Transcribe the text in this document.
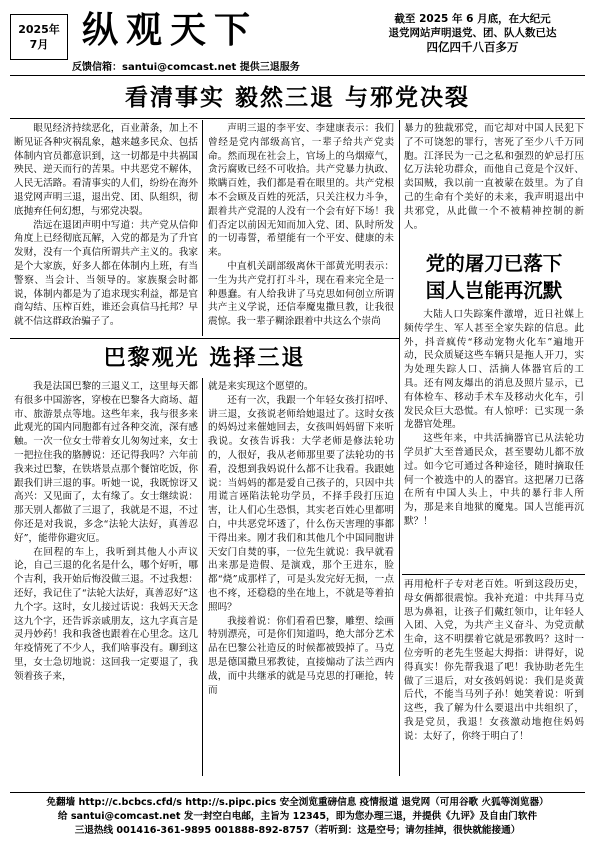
2025年
7月 纵观天下
反馈信箱：santui@comcast.net 提供三退服务
截至 2025 年 6 月底，在大纪元
退党网站声明退党、团、队人数已达
四亿四千八百多万
看清事实 毅然三退 与邪党决裂

眼见经济持续恶化，百业萧条，加上不断见证各种灾祸乱象，越来越多民众、包括体制内官员都意识到，这一切都是中共祸国殃民、逆天而行的苦果。中共恶党不解体，人民无活路。看清事实的人们，纷纷在海外退党网声明三退，退出党、团、队组织，彻底抛弃任何幻想，与邪党决裂。

浩远在退团声明中写道：共产党从信仰角度上已经彻底瓦解，入党的都是为了升官发财，没有一个真信所谓共产主义的。我家是个大家族，好多人都在体制内上班，有当警察、当会计、当领导的。家族聚会时都说，体制内都是为了追求现实利益，都是官商勾结、压榨百姓，谁还会真信马托邦？早就不信这群政治骗子了。

声明三退的李平安、李建康表示：我们曾经是党内部级高官，一辈子给共产党卖命。然而现在社会上，官场上的乌烟瘴气，贪污腐败已经不可收拾。共产党暴力执政、欺瞒百姓，我们都是看在眼里的。共产党根本不会顾及百姓的死活，只关注权力斗争，跟着共产党混的人没有一个会有好下场！我们否定以前因无知而加入党、团、队时所发的一切毒誓，希望能有一个平安、健康的未来。

中直机关副部级离休干部黄光明表示：一生为共产党打打斗斗，现在看来完全是一种愚蠢。有人给我讲了马克思如何创立所谓共产主义学说，还信奉魔鬼撒旦教，让我很震惊。我一辈子糊涂跟着中共这么个崇尚

暴力的独裁邪党，而它却对中国人民犯下了不可饶恕的罪行，害死了至少八千万同胞。江泽民为一己之私和强烈的妒忌打压亿万法轮功群众，而他自己竟是个汉奸、卖国贼，我以前一直被蒙在鼓里。为了自己的生命有个美好的未来，我声明退出中共邪党，从此做一个不被精神控制的新人。

党的屠刀已落下
国人岂能再沉默

大陆人口失踪案件激增，近日社媒上频传学生、军人甚至全家失踪的信息。此外，抖音疯传“移动宠物火化车”遍地开动，民众质疑这些车辆只是拖人开刀，实为处理失踪人口、活摘人体器官后的工具。还有网友爆出的消息及照片显示，已有体检车、移动手术车及移动火化车，引发民众巨大恐慌。有人惊呼：已实现一条龙器官处理。

这些年来，中共活摘器官已从法轮功学员扩大至普通民众，甚至婴幼儿都不放过。如今它可通过各种途径，随时摘取任何一个被选中的人的器官。这把屠刀已落在所有中国人头上，中共的暴行非人所为，那是来自地狱的魔鬼。国人岂能再沉默？！

巴黎观光 选择三退

我是法国巴黎的三退义工，这里每天都有很多中国游客，穿梭在巴黎各大商场、超市、旅游景点等地。这些年来，我与很多来此观光的国内同胞都有过各种交流，深有感触。一次一位女士带着女儿匆匆过来，女士一把拉住我的胳膊说：还记得我吗？六年前我来过巴黎，在铁塔景点那个餐馆吃饭，你跟我们讲三退的事。听她一说，我既惊讶又高兴：又见面了，太有缘了。女士继续说：那天别人都做了三退了，我就是不退，不过你还是对我说，多念“法轮大法好，真善忍好”，能带你避灾厄。

在回程的车上，我听到其他人小声议论，自己三退的化名是什么，哪个好听，哪个吉利，我开始后悔没做三退。不过我想：还好，我记住了“法轮大法好，真善忍好”这九个字。这时，女儿接过话说：我妈天天念这九个字，还告诉亲戚朋友，这九字真言是灵丹妙药！我和我爸也跟着在心里念。这几年疫情死了不少人，我们啥事没有。聊到这里，女士急切地说：这回我一定要退了，我领着孩子来，

就是来实现这个愿望的。

还有一次，我跟一个年轻女孩打招呼、讲三退，女孩说老师给她退过了。这时女孩的妈妈过来催她回去，女孩叫妈妈留下来听我说。女孩告诉我：大学老师是修法轮功的，人很好，我从老师那里要了法轮功的书看，没想到我妈说什么都不让我看。我跟她说：当妈妈的都是爱自己孩子的，只因中共用谎言诬陷法轮功学员，不择手段打压迫害，让人们心生恐惧，其实老百姓心里都明白，中共恶党坏透了，什么伤天害理的事都干得出来。刚才我们和其他几个中国同胞讲天安门自焚的事，一位先生就说：我早就看出来那是造假、是演戏，那个王进东，脸都“烧”成那样了，可是头发完好无损，一点也不疼，还稳稳的坐在地上，不就是等着拍照吗？

我接着说：你们看看巴黎，雕塑、绘画特别漂亮，可是你们知道吗，绝大部分艺术品在巴黎公社造反的时候都被毁掉了。马克思是德国撒旦邪教徒，直接煽动了法兰西内战，而中共继承的就是马克思的打砸抢，转而

再用枪杆子专对老百姓。听到这段历史，母女俩都很震惊。我补充道：中共拜马克思为鼻祖，让孩子们戴红领巾，让年轻人入团、入党，为共产主义奋斗、为党贡献生命，这不明摆着它就是邪教吗？这时一位旁听的老先生竖起大拇指：讲得好，说得真实！你先帮我退了吧！我协助老先生做了三退后，对女孩妈妈说：我们是炎黄后代，不能当马列子孙！她笑着说：听到这些，我了解为什么要退出中共组织了，我是党员，我退！女孩激动地抱住妈妈说：太好了，你终于明白了！

免翻墙 http://c.bcbcs.cfd/s http://s.pipc.pics 安全浏览重磅信息 疫情报道 退党网（可用谷歌 火狐等浏览器）
给 santui@comcast.net 发一封空白电邮，主旨为 12345，即为您办理三退，并提供《九评》及自由门软件
三退热线 001416-361-9895 001888-892-8757（若听到：这是空号；请勿挂掉，很快就能接通）
